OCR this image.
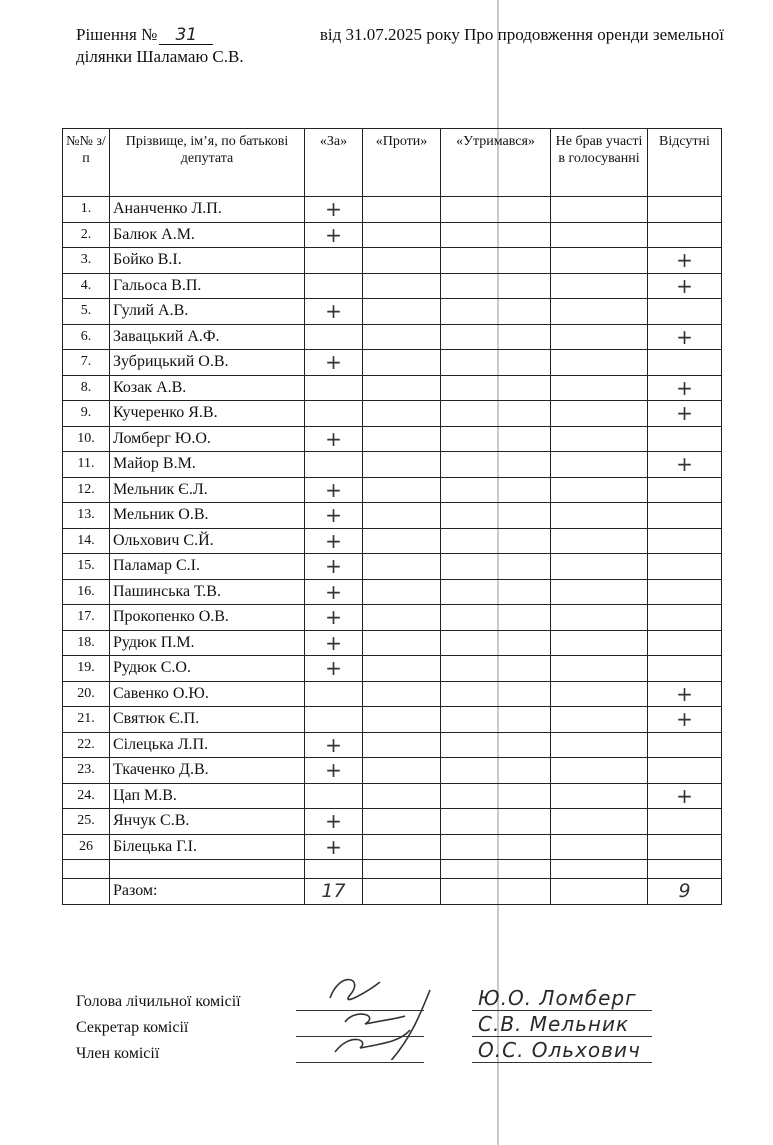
Рішення № 31	від 31.07.2025 року Про продовження оренди земельної
ділянки Шаламаю С.В.
№№ з/п	Прізвище, ім’я, по батькові депутата	«За»	«Проти»	«Утримався»	Не брав участі в голосуванні	Відсутні
1.	Ананченко Л.П.	+				
2.	Балюк А.М.	+				
3.	Бойко В.І.					+
4.	Гальоса В.П.					+
5.	Гулий А.В.	+				
6.	Завацький А.Ф.					+
7.	Зубрицький О.В.	+				
8.	Козак А.В.					+
9.	Кучеренко Я.В.					+
10.	Ломберг Ю.О.	+				
11.	Майор В.М.					+
12.	Мельник Є.Л.	+				
13.	Мельник О.В.	+				
14.	Ольхович С.Й.	+				
15.	Паламар С.І.	+				
16.	Пашинська Т.В.	+				
17.	Прокопенко О.В.	+				
18.	Рудюк П.М.	+				
19.	Рудюк С.О.	+				
20.	Савенко О.Ю.					+
21.	Святюк Є.П.					+
22.	Сілецька Л.П.	+				
23.	Ткаченко Д.В.	+				
24.	Цап М.В.					+
25.	Янчук С.В.	+				
26	Білецька Г.І.	+				

	Разом:	17				9
Голова лічильної комісії	Ю.О. Ломберг
Секретар комісії	С.В. Мельник
Член комісії	О.С. Ольхович
